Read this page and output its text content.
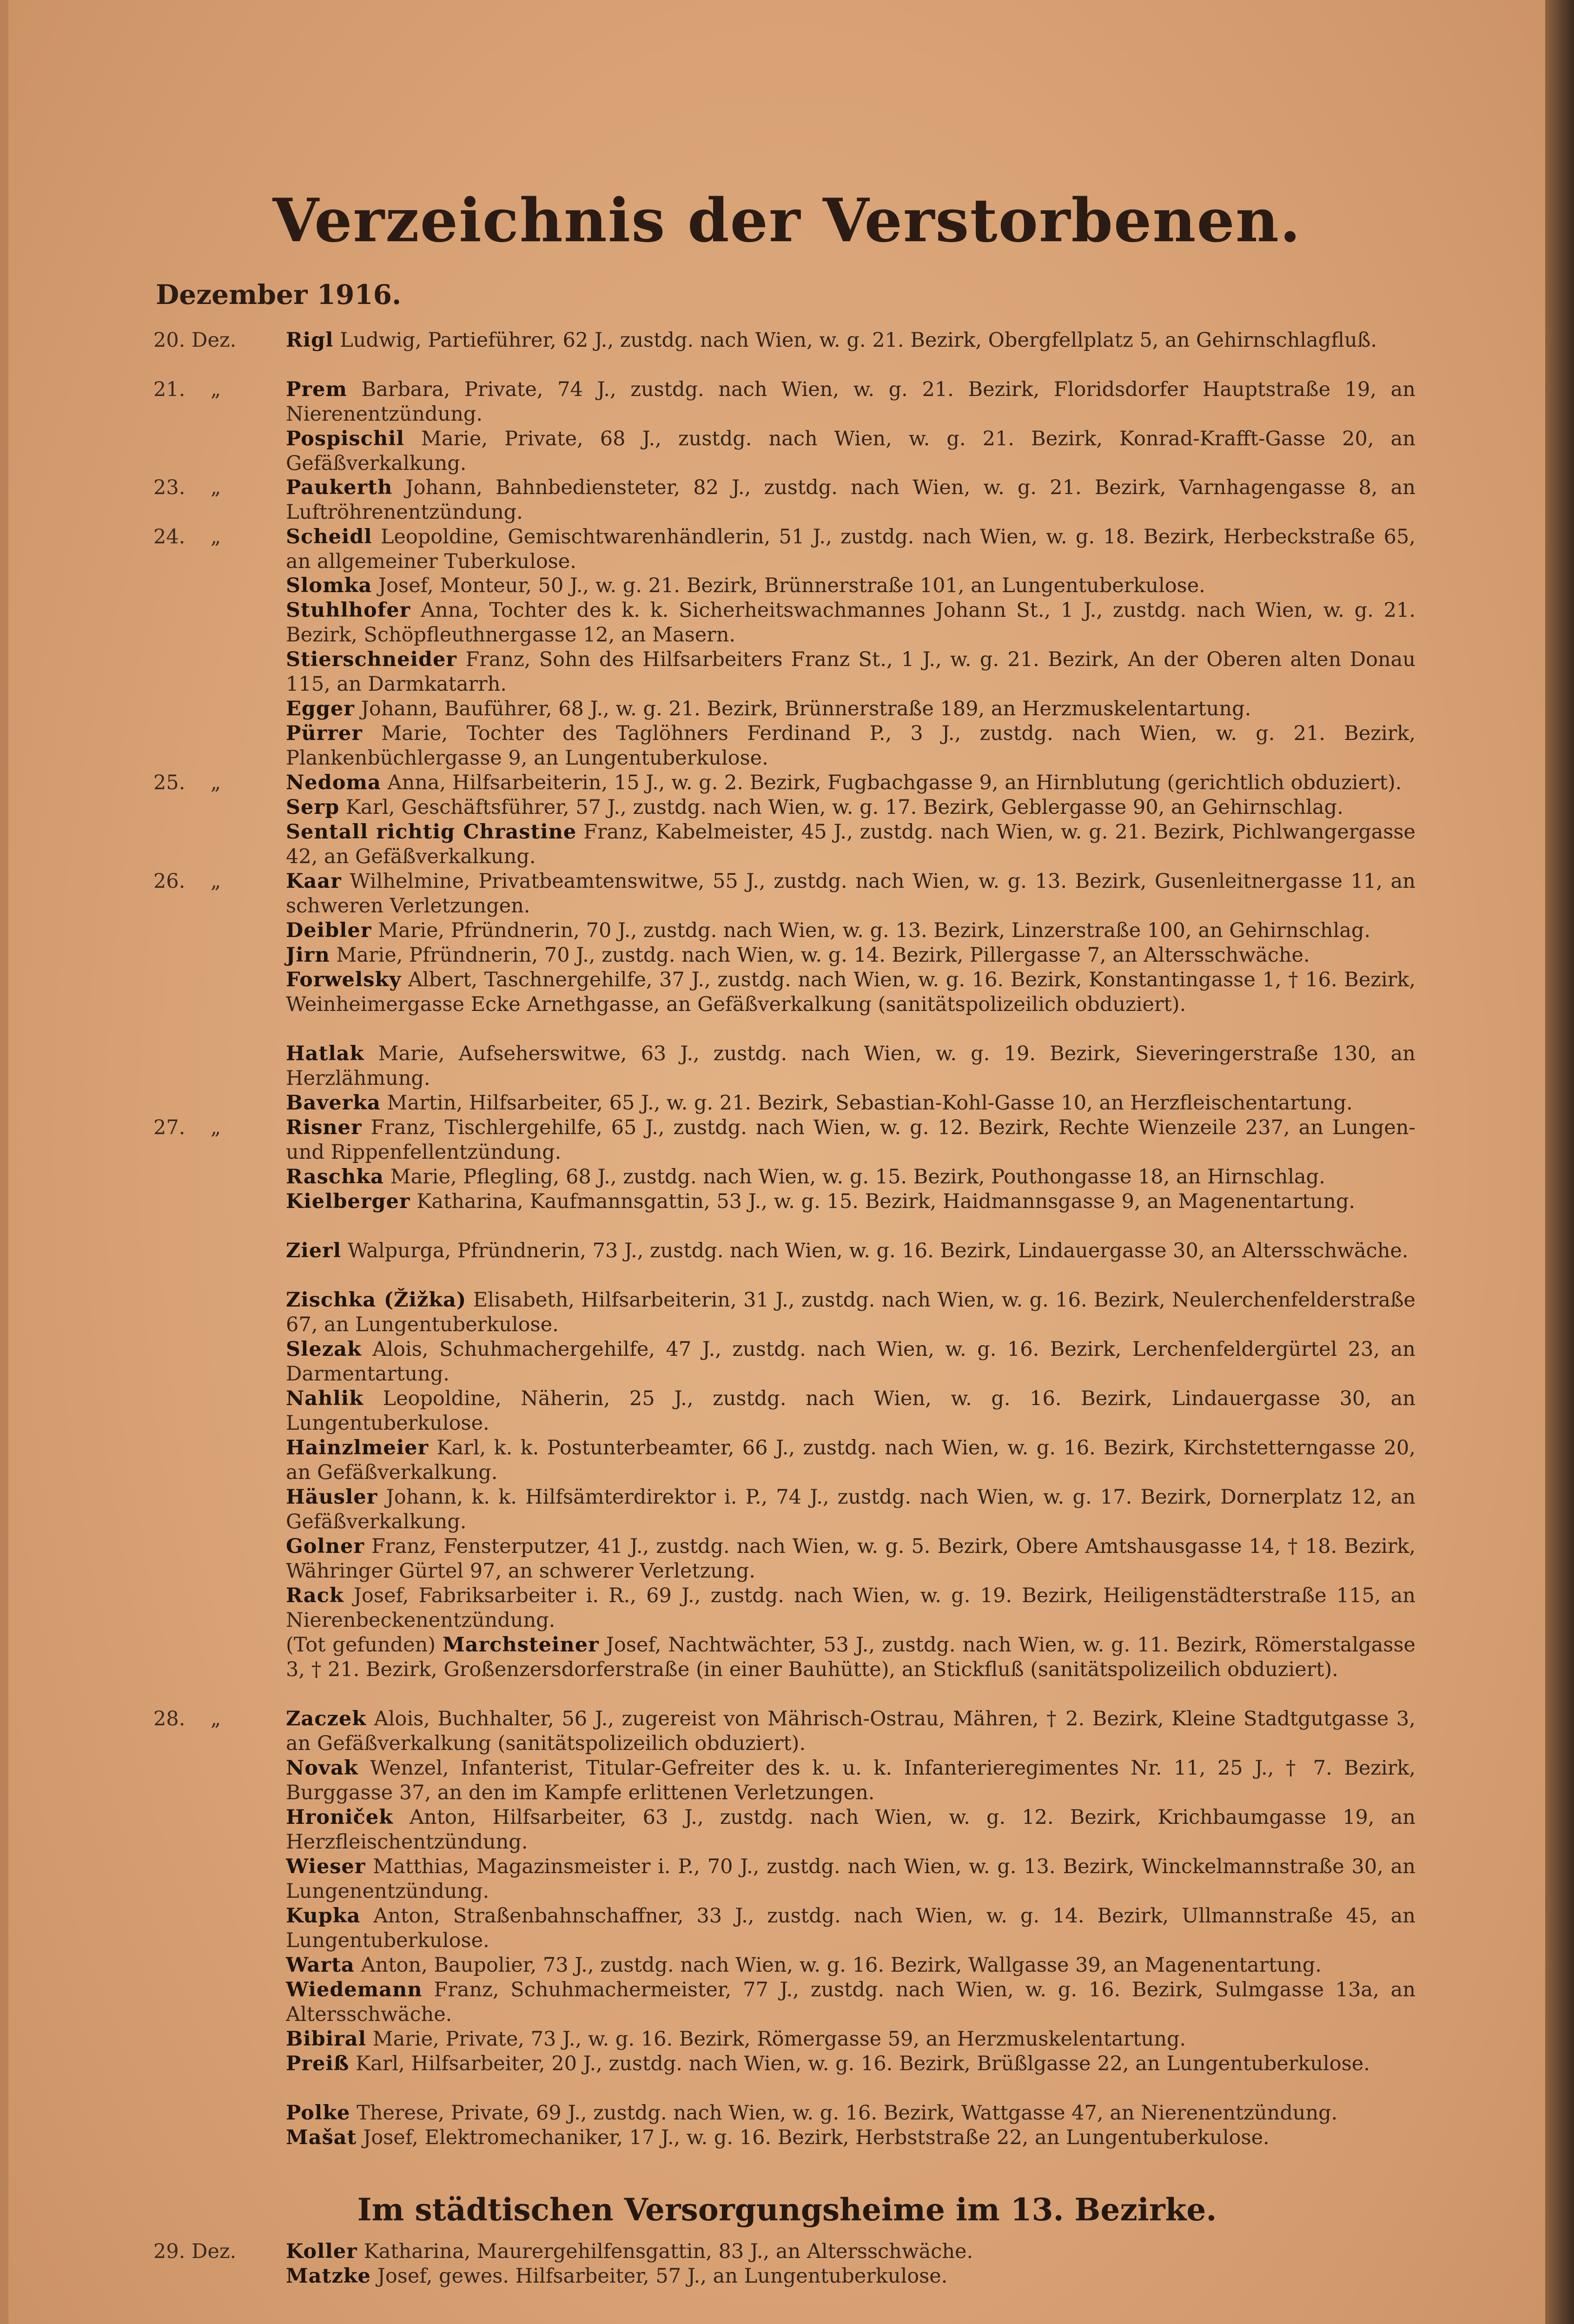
Verzeichnis der Verstorbenen.
Dezember 1916.
20. Dez.	Rigl Ludwig, Partieführer, 62 J., zustdg. nach Wien, w. g. 21. Bezirk, Obergfellplatz 5, an Gehirnschlagfluß.
21.    „	Prem Barbara, Private, 74 J., zustdg. nach Wien, w. g. 21. Bezirk, Floridsdorfer Hauptstraße 19, an Nierenentzündung.
Pospischil Marie, Private, 68 J., zustdg. nach Wien, w. g. 21. Bezirk, Konrad-Krafft-Gasse 20, an Gefäßverkalkung.
23.    „	Paukerth Johann, Bahnbediensteter, 82 J., zustdg. nach Wien, w. g. 21. Bezirk, Varnhagengasse 8, an Luftröhrenentzündung.
24.    „	Scheidl Leopoldine, Gemischtwarenhändlerin, 51 J., zustdg. nach Wien, w. g. 18. Bezirk, Herbeckstraße 65, an allgemeiner Tuberkulose.
Slomka Josef, Monteur, 50 J., w. g. 21. Bezirk, Brünnerstraße 101, an Lungentuberkulose.
Stuhlhofer Anna, Tochter des k. k. Sicherheitswachmannes Johann St., 1 J., zustdg. nach Wien, w. g. 21. Bezirk, Schöpfleuthnergasse 12, an Masern.
Stierschneider Franz, Sohn des Hilfsarbeiters Franz St., 1 J., w. g. 21. Bezirk, An der Oberen alten Donau 115, an Darmkatarrh.
Egger Johann, Bauführer, 68 J., w. g. 21. Bezirk, Brünnerstraße 189, an Herzmuskelentartung.
Pürrer Marie, Tochter des Taglöhners Ferdinand P., 3 J., zustdg. nach Wien, w. g. 21. Bezirk, Plankenbüchlergasse 9, an Lungentuberkulose.
25.    „	Nedoma Anna, Hilfsarbeiterin, 15 J., w. g. 2. Bezirk, Fugbachgasse 9, an Hirnblutung (gerichtlich obduziert).
Serp Karl, Geschäftsführer, 57 J., zustdg. nach Wien, w. g. 17. Bezirk, Geblergasse 90, an Gehirnschlag.
Sentall richtig Chrastine Franz, Kabelmeister, 45 J., zustdg. nach Wien, w. g. 21. Bezirk, Pichlwangergasse 42, an Gefäßverkalkung.
26.    „	Kaar Wilhelmine, Privatbeamtenswitwe, 55 J., zustdg. nach Wien, w. g. 13. Bezirk, Gusenleitnergasse 11, an schweren Verletzungen.
Deibler Marie, Pfründnerin, 70 J., zustdg. nach Wien, w. g. 13. Bezirk, Linzerstraße 100, an Gehirnschlag.
Jirn Marie, Pfründnerin, 70 J., zustdg. nach Wien, w. g. 14. Bezirk, Pillergasse 7, an Altersschwäche.
Forwelsky Albert, Taschnergehilfe, 37 J., zustdg. nach Wien, w. g. 16. Bezirk, Konstantingasse 1, † 16. Bezirk, Weinheimergasse Ecke Arnethgasse, an Gefäßverkalkung (sanitätspolizeilich obduziert).
Hatlak Marie, Aufseherswitwe, 63 J., zustdg. nach Wien, w. g. 19. Bezirk, Sieveringerstraße 130, an Herzlähmung.
Baverka Martin, Hilfsarbeiter, 65 J., w. g. 21. Bezirk, Sebastian-Kohl-Gasse 10, an Herzfleischentartung.
27.    „	Risner Franz, Tischlergehilfe, 65 J., zustdg. nach Wien, w. g. 12. Bezirk, Rechte Wienzeile 237, an Lungen- und Rippenfellentzündung.
Raschka Marie, Pflegling, 68 J., zustdg. nach Wien, w. g. 15. Bezirk, Pouthongasse 18, an Hirnschlag.
Kielberger Katharina, Kaufmannsgattin, 53 J., w. g. 15. Bezirk, Haidmannsgasse 9, an Magenentartung.
Zierl Walpurga, Pfründnerin, 73 J., zustdg. nach Wien, w. g. 16. Bezirk, Lindauergasse 30, an Altersschwäche.
Zischka (Žižka) Elisabeth, Hilfsarbeiterin, 31 J., zustdg. nach Wien, w. g. 16. Bezirk, Neulerchenfelderstraße 67, an Lungentuberkulose.
Slezak Alois, Schuhmachergehilfe, 47 J., zustdg. nach Wien, w. g. 16. Bezirk, Lerchenfeldergürtel 23, an Darmentartung.
Nahlik Leopoldine, Näherin, 25 J., zustdg. nach Wien, w. g. 16. Bezirk, Lindauergasse 30, an Lungentuberkulose.
Hainzlmeier Karl, k. k. Postunterbeamter, 66 J., zustdg. nach Wien, w. g. 16. Bezirk, Kirchstetterngasse 20, an Gefäßverkalkung.
Häusler Johann, k. k. Hilfsämterdirektor i. P., 74 J., zustdg. nach Wien, w. g. 17. Bezirk, Dornerplatz 12, an Gefäßverkalkung.
Golner Franz, Fensterputzer, 41 J., zustdg. nach Wien, w. g. 5. Bezirk, Obere Amtshausgasse 14, † 18. Bezirk, Währinger Gürtel 97, an schwerer Verletzung.
Rack Josef, Fabriksarbeiter i. R., 69 J., zustdg. nach Wien, w. g. 19. Bezirk, Heiligenstädterstraße 115, an Nierenbeckenentzündung.
(Tot gefunden) Marchsteiner Josef, Nachtwächter, 53 J., zustdg. nach Wien, w. g. 11. Bezirk, Römerstalgasse 3, † 21. Bezirk, Großenzersdorferstraße (in einer Bauhütte), an Stickfluß (sanitätspolizeilich obduziert).
28.    „	Zaczek Alois, Buchhalter, 56 J., zugereist von Mährisch-Ostrau, Mähren, † 2. Bezirk, Kleine Stadtgutgasse 3, an Gefäßverkalkung (sanitätspolizeilich obduziert).
Novak Wenzel, Infanterist, Titular-Gefreiter des k. u. k. Infanterieregimentes Nr. 11, 25 J., † 7. Bezirk, Burggasse 37, an den im Kampfe erlittenen Verletzungen.
Hroniček Anton, Hilfsarbeiter, 63 J., zustdg. nach Wien, w. g. 12. Bezirk, Krichbaumgasse 19, an Herzfleischentzündung.
Wieser Matthias, Magazinsmeister i. P., 70 J., zustdg. nach Wien, w. g. 13. Bezirk, Winckelmannstraße 30, an Lungenentzündung.
Kupka Anton, Straßenbahnschaffner, 33 J., zustdg. nach Wien, w. g. 14. Bezirk, Ullmannstraße 45, an Lungentuberkulose.
Warta Anton, Baupolier, 73 J., zustdg. nach Wien, w. g. 16. Bezirk, Wallgasse 39, an Magenentartung.
Wiedemann Franz, Schuhmachermeister, 77 J., zustdg. nach Wien, w. g. 16. Bezirk, Sulmgasse 13a, an Altersschwäche.
Bibiral Marie, Private, 73 J., w. g. 16. Bezirk, Römergasse 59, an Herzmuskelentartung.
Preiß Karl, Hilfsarbeiter, 20 J., zustdg. nach Wien, w. g. 16. Bezirk, Brüßlgasse 22, an Lungentuberkulose.
Polke Therese, Private, 69 J., zustdg. nach Wien, w. g. 16. Bezirk, Wattgasse 47, an Nierenentzündung.
Mašat Josef, Elektromechaniker, 17 J., w. g. 16. Bezirk, Herbststraße 22, an Lungentuberkulose.
Im städtischen Versorgungsheime im 13. Bezirke.
29. Dez.	Koller Katharina, Maurergehilfensgattin, 83 J., an Altersschwäche.
Matzke Josef, gewes. Hilfsarbeiter, 57 J., an Lungentuberkulose.
